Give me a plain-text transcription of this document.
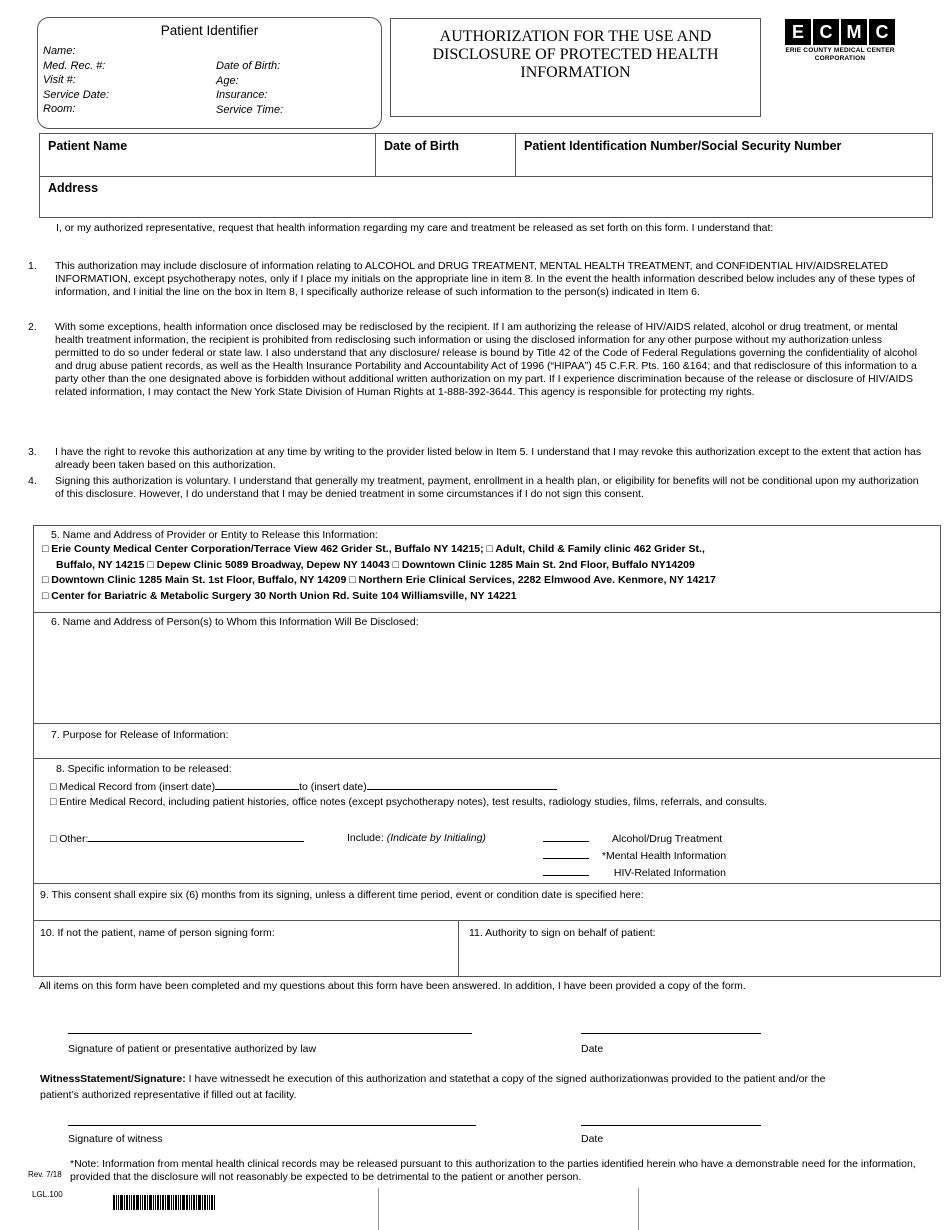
Patient Identifier
Name:
Med. Rec. #:
Visit #:
Service Date:
Room:
Date of Birth:
Age:
Insurance:
Service Time:
AUTHORIZATION FOR THE USE AND
DISCLOSURE OF PROTECTED HEALTH
INFORMATION
E C M C
ERIE COUNTY MEDICAL CENTER
CORPORATION
Patient Name	Date of Birth	Patient Identification Number/Social Security Number
Address
I, or my authorized representative, request that health information regarding my care and treatment be released as set forth on this form. I understand that:
1. This authorization may include disclosure of information relating to ALCOHOL and DRUG TREATMENT, MENTAL HEALTH TREATMENT, and CONFIDENTIAL HIV/AIDSRELATED INFORMATION, except psychotherapy notes, only if I place my initials on the appropriate line in item 8. In the event the health information described below includes any of these types of information, and I initial the line on the box in Item 8, I specifically authorize release of such information to the person(s) indicated in Item 6.
2. With some exceptions, health information once disclosed may be redisclosed by the recipient. If I am authorizing the release of HIV/AIDS related, alcohol or drug treatment, or mental health treatment information, the recipient is prohibited from redisclosing such information or using the disclosed information for any other purpose without my authorization unless permitted to do so under federal or state law. I also understand that any disclosure/ release is bound by Title 42 of the Code of Federal Regulations governing the confidentiality of alcohol and drug abuse patient records, as well as the Health Insurance Portability and Accountability Act of 1996 (“HIPAA”) 45 C.F.R. Pts. 160 &164; and that redisclosure of this information to a party other than the one designated above is forbidden without additional written authorization on my part. If I experience discrimination because of the release or disclosure of HIV/AIDS related information, I may contact the New York State Division of Human Rights at 1-888-392-3644. This agency is responsible for protecting my rights.
3. I have the right to revoke this authorization at any time by writing to the provider listed below in Item 5. I understand that I may revoke this authorization except to the extent that action has already been taken based on this authorization.
4. Signing this authorization is voluntary. I understand that generally my treatment, payment, enrollment in a health plan, or eligibility for benefits will not be conditional upon my authorization of this disclosure. However, I do understand that I may be denied treatment in some circumstances if I do not sign this consent.
5. Name and Address of Provider or Entity to Release this Information:
□ Erie County Medical Center Corporation/Terrace View 462 Grider St., Buffalo NY 14215; □ Adult, Child & Family clinic 462 Grider St.,
Buffalo, NY 14215 □ Depew Clinic 5089 Broadway, Depew NY 14043 □ Downtown Clinic 1285 Main St. 2nd Floor, Buffalo NY14209
□ Downtown Clinic 1285 Main St. 1st Floor, Buffalo, NY 14209 □ Northern Erie Clinical Services, 2282 Elmwood Ave. Kenmore, NY 14217
□ Center for Bariatric & Metabolic Surgery 30 North Union Rd. Suite 104 Williamsville, NY 14221
6. Name and Address of Person(s) to Whom this Information Will Be Disclosed:
7. Purpose for Release of Information:
8. Specific information to be released:
□ Medical Record from (insert date)	to (insert date)
□ Entire Medical Record, including patient histories, office notes (except psychotherapy notes), test results, radiology studies, films, referrals, and consults.
□ Other:	Include: (Indicate by Initialing)	Alcohol/Drug Treatment
*Mental Health Information
HIV-Related Information
9. This consent shall expire six (6) months from its signing, unless a different time period, event or condition date is specified here:
10. If not the patient, name of person signing form:	11. Authority to sign on behalf of patient:
All items on this form have been completed and my questions about this form have been answered. In addition, I have been provided a copy of the form.
Signature of patient or presentative authorized by law	Date
WitnessStatement/Signature: I have witnessedt he execution of this authorization and statethat a copy of the signed authorizationwas provided to the patient and/or the patient’s authorized representative if filled out at facility.
Signature of witness	Date
Rev. 7/18
*Note: Information from mental health clinical records may be released pursuant to this authorization to the parties identified herein who have a demonstrable need for the information, provided that the disclosure will not reasonably be expected to be detrimental to the patient or another person.
LGL.100
